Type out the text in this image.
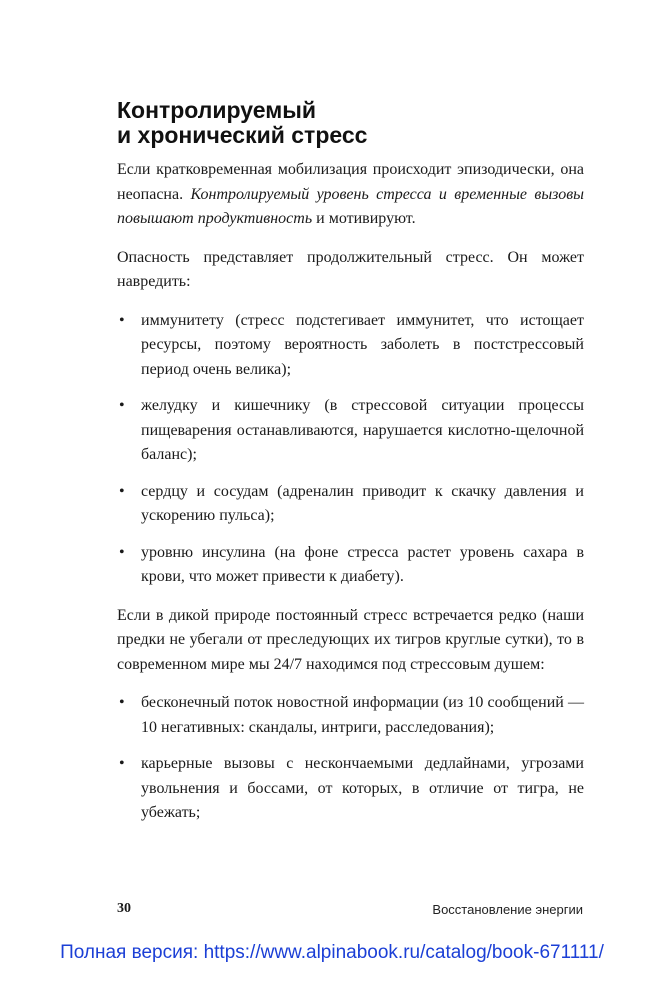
Контролируемый
и хронический стресс

Если кратковременная мобилизация происходит эпизодически, она неопасна. Контролируемый уровень стресса и временные вызовы повышают продуктивность и мотивируют.

Опасность представляет продолжительный стресс. Он может навредить:

• иммунитету (стресс подстегивает иммунитет, что истощает ресурсы, поэтому вероятность заболеть в постстрессовый период очень велика);
• желудку и кишечнику (в стрессовой ситуации процессы пищеварения останавливаются, нарушается кислотно-щелочной баланс);
• сердцу и сосудам (адреналин приводит к скачку давления и ускорению пульса);
• уровню инсулина (на фоне стресса растет уровень сахара в крови, что может привести к диабету).

Если в дикой природе постоянный стресс встречается редко (наши предки не убегали от преследующих их тигров круглые сутки), то в современном мире мы 24/7 находимся под стрессовым душем:

• бесконечный поток новостной информации (из 10 сообщений — 10 негативных: скандалы, интриги, расследования);
• карьерные вызовы с нескончаемыми дедлайнами, угрозами увольнения и боссами, от которых, в отличие от тигра, не убежать;
30	Восстановление энергии
Полная версия: https://www.alpinabook.ru/catalog/book-671111/
